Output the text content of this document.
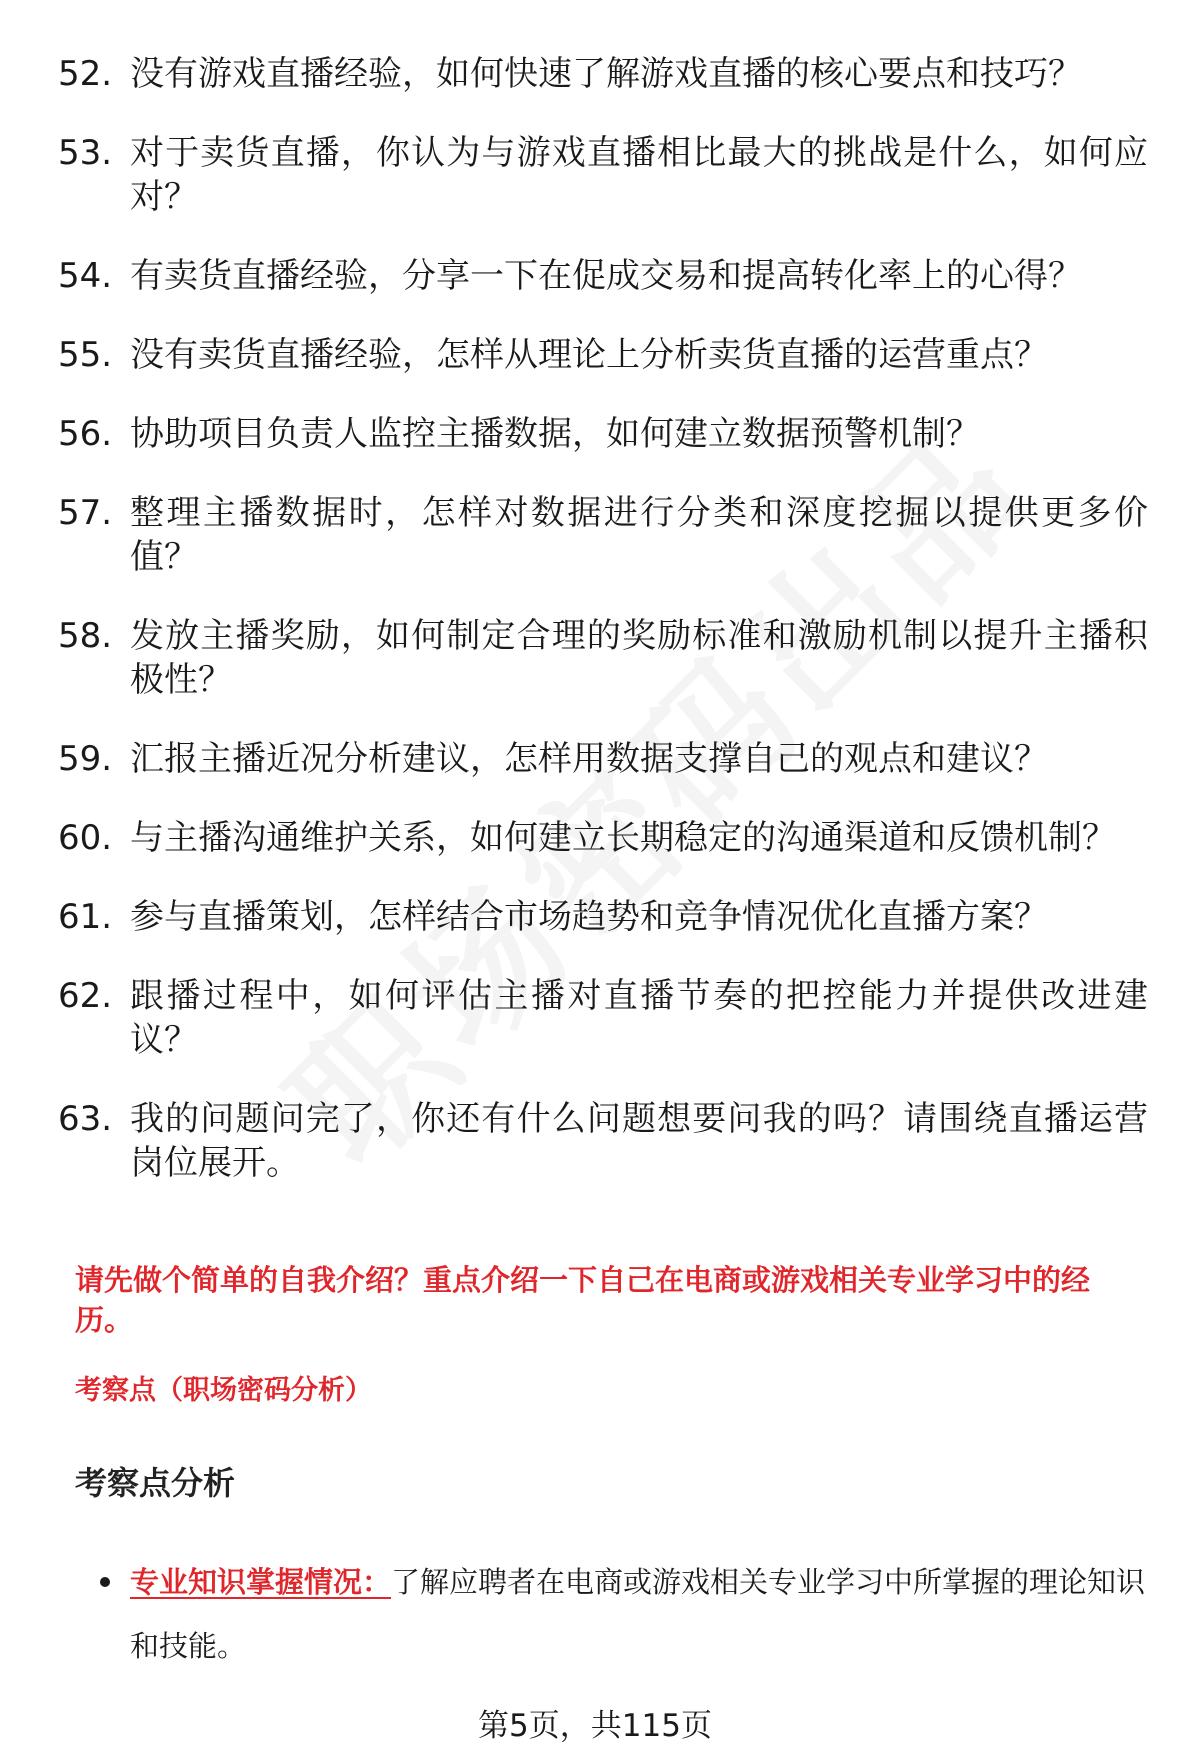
52. 没有游戏直播经验，如何快速了解游戏直播的核心要点和技巧？
53. 对于卖货直播，你认为与游戏直播相比最大的挑战是什么，如何应对？
54. 有卖货直播经验，分享一下在促成交易和提高转化率上的心得？
55. 没有卖货直播经验，怎样从理论上分析卖货直播的运营重点？
56. 协助项目负责人监控主播数据，如何建立数据预警机制？
57. 整理主播数据时，怎样对数据进行分类和深度挖掘以提供更多价值？
58. 发放主播奖励，如何制定合理的奖励标准和激励机制以提升主播积极性？
59. 汇报主播近况分析建议，怎样用数据支撑自己的观点和建议？
60. 与主播沟通维护关系，如何建立长期稳定的沟通渠道和反馈机制？
61. 参与直播策划，怎样结合市场趋势和竞争情况优化直播方案？
62. 跟播过程中，如何评估主播对直播节奏的把控能力并提供改进建议？
63. 我的问题问完了，你还有什么问题想要问我的吗？请围绕直播运营岗位展开。

请先做个简单的自我介绍？重点介绍一下自己在电商或游戏相关专业学习中的经历。

考察点（职场密码分析）

考察点分析
专业知识掌握情况：了解应聘者在电商或游戏相关专业学习中所掌握的理论知识和技能。
第5页，共115页
